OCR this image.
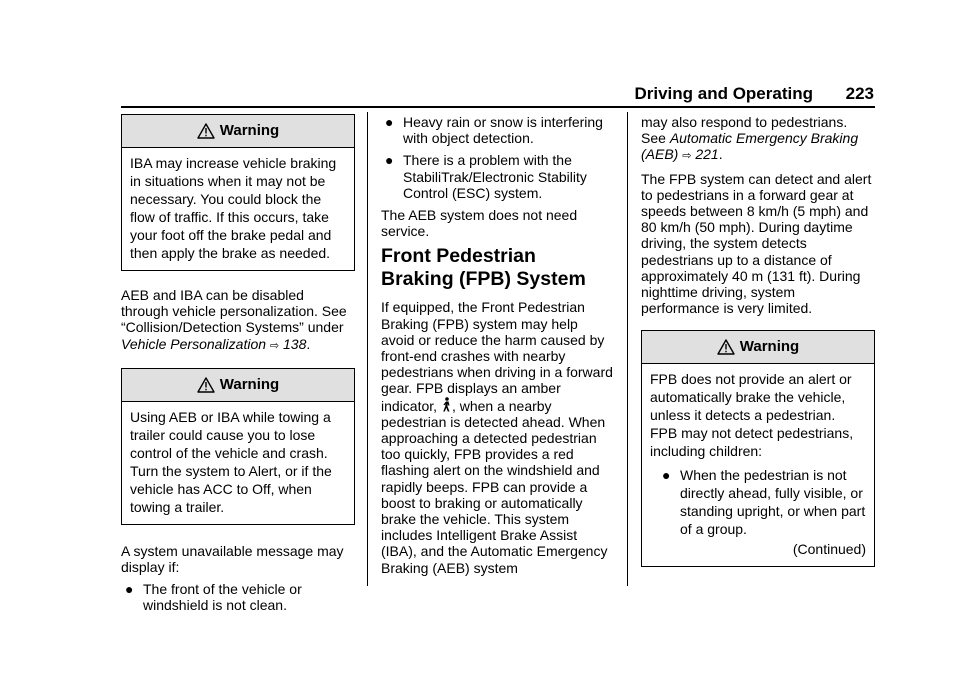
Driving and Operating 223
Warning
IBA may increase vehicle braking in situations when it may not be necessary. You could block the flow of traffic. If this occurs, take your foot off the brake pedal and then apply the brake as needed.

AEB and IBA can be disabled through vehicle personalization. See “Collision/Detection Systems” under Vehicle Personalization ⇨ 138.

Warning
Using AEB or IBA while towing a trailer could cause you to lose control of the vehicle and crash. Turn the system to Alert, or if the vehicle has ACC to Off, when towing a trailer.

A system unavailable message may display if:

● The front of the vehicle or windshield is not clean.
● Heavy rain or snow is interfering with object detection.
● There is a problem with the StabiliTrak/Electronic Stability Control (ESC) system.

The AEB system does not need service.

Front Pedestrian Braking (FPB) System

If equipped, the Front Pedestrian Braking (FPB) system may help avoid or reduce the harm caused by front-end crashes with nearby pedestrians when driving in a forward gear. FPB displays an amber indicator, , when a nearby pedestrian is detected ahead. When approaching a detected pedestrian too quickly, FPB provides a red flashing alert on the windshield and rapidly beeps. FPB can provide a boost to braking or automatically brake the vehicle. This system includes Intelligent Brake Assist (IBA), and the Automatic Emergency Braking (AEB) system

may also respond to pedestrians. See Automatic Emergency Braking (AEB) ⇨ 221.

The FPB system can detect and alert to pedestrians in a forward gear at speeds between 8 km/h (5 mph) and 80 km/h (50 mph). During daytime driving, the system detects pedestrians up to a distance of approximately 40 m (131 ft). During nighttime driving, system performance is very limited.

Warning
FPB does not provide an alert or automatically brake the vehicle, unless it detects a pedestrian. FPB may not detect pedestrians, including children:
● When the pedestrian is not directly ahead, fully visible, or standing upright, or when part of a group.
(Continued)
